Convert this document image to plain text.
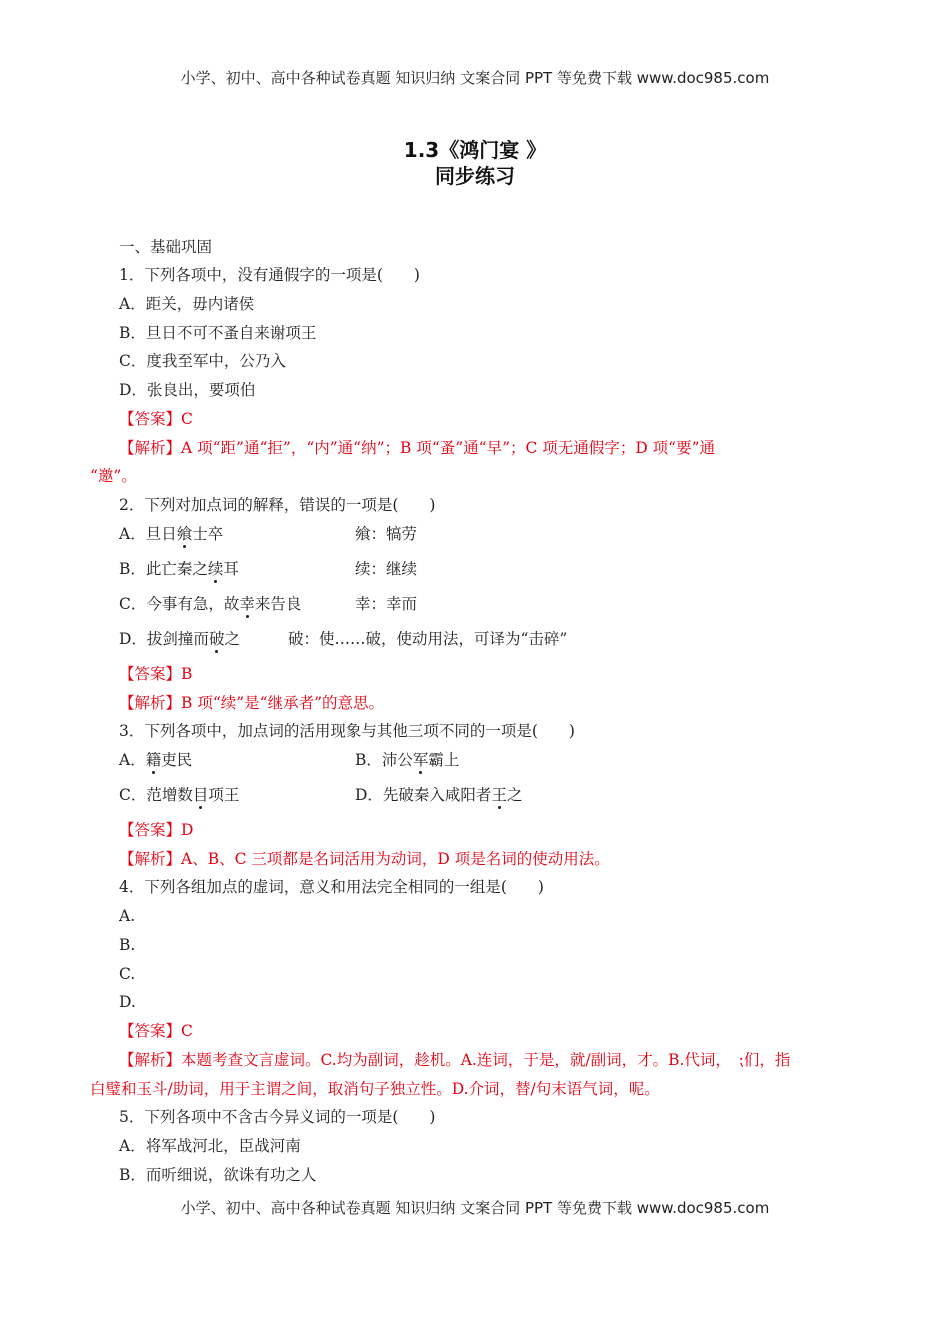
小学、初中、高中各种试卷真题 知识归纳 文案合同 PPT 等免费下载 www.doc985.com
1.3《鸿门宴 》
同步练习
一、基础巩固
1．下列各项中，没有通假字的一项是(　　)
A．距关，毋内诸侯
B．旦日不可不蚤自来谢项王
C．度我至军中，公乃入
D．张良出，要项伯
【答案】C
【解析】A 项“距”通“拒”，“内”通“纳”；B 项“蚤”通“早”；C 项无通假字；D 项“要”通
“邀”。
2．下列对加点词的解释，错误的一项是(　　)
A．旦日飨士卒	飨：犒劳
B．此亡秦之续耳	续：继续
C．今事有急，故幸来告良	幸：幸而
D．拔剑撞而破之	破：使……破，使动用法，可译为“击碎”
【答案】B
【解析】B 项“续”是“继承者”的意思。
3．下列各项中，加点词的活用现象与其他三项不同的一项是(　　)
A．籍吏民	B．沛公军霸上
C．范增数目项王	D．先破秦入咸阳者王之
【答案】D
【解析】A、B、C 三项都是名词活用为动词，D 项是名词的使动用法。
4．下列各组加点的虚词，意义和用法完全相同的一组是(　　)
A.
B.
C.
D.
【答案】C
【解析】本题考查文言虚词。C.均为副词，趁机。A.连词，于是，就/副词，才。B.代词，　⁏们，指
白璧和玉斗/助词，用于主谓之间，取消句子独立性。D.介词，替/句末语气词，呢。
5．下列各项中不含古今异义词的一项是(　　)
A．将军战河北，臣战河南
B．而听细说，欲诛有功之人
小学、初中、高中各种试卷真题 知识归纳 文案合同 PPT 等免费下载 www.doc985.com
